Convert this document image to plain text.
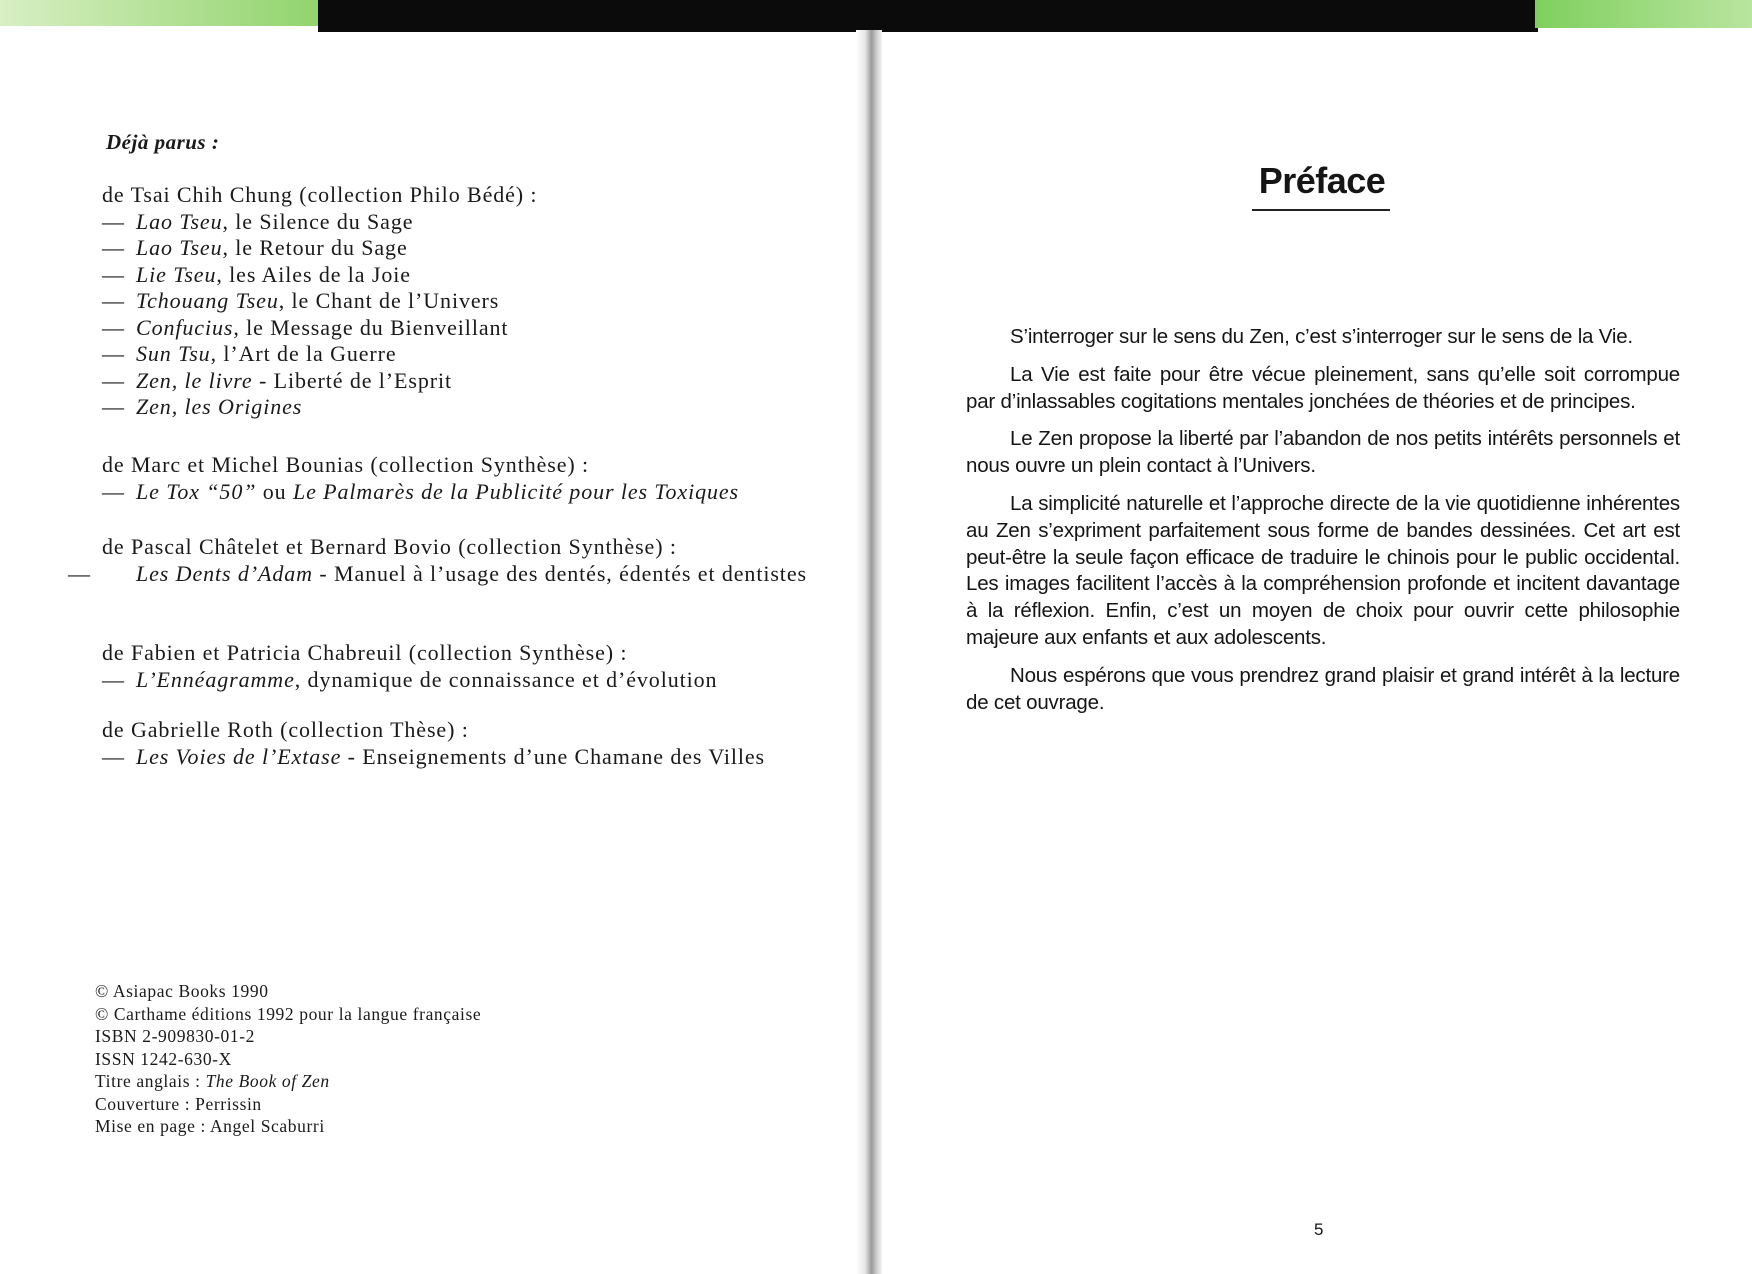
Déjà parus :
de Tsai Chih Chung (collection Philo Bédé) :
— Lao Tseu, le Silence du Sage
— Lao Tseu, le Retour du Sage
— Lie Tseu, les Ailes de la Joie
— Tchouang Tseu, le Chant de l’Univers
— Confucius, le Message du Bienveillant
— Sun Tsu, l’Art de la Guerre
— Zen, le livre - Liberté de l’Esprit
— Zen, les Origines
de Marc et Michel Bounias (collection Synthèse) :
— Le Tox “50” ou Le Palmarès de la Publicité pour les Toxiques
de Pascal Châtelet et Bernard Bovio (collection Synthèse) :
— Les Dents d’Adam - Manuel à l’usage des dentés, édentés et dentistes
de Fabien et Patricia Chabreuil (collection Synthèse) :
— L’Ennéagramme, dynamique de connaissance et d’évolution
de Gabrielle Roth (collection Thèse) :
— Les Voies de l’Extase - Enseignements d’une Chamane des Villes
© Asiapac Books 1990
© Carthame éditions 1992 pour la langue française
ISBN 2-909830-01-2
ISSN 1242-630-X
Titre anglais : The Book of Zen
Couverture : Perrissin
Mise en page : Angel Scaburri
Préface

S’interroger sur le sens du Zen, c’est s’interroger sur le sens de la Vie.

La Vie est faite pour être vécue pleinement, sans qu’elle soit corrompue par d’inlassables cogitations mentales jonchées de théories et de principes.

Le Zen propose la liberté par l’abandon de nos petits intérêts personnels et nous ouvre un plein contact à l’Univers.

La simplicité naturelle et l’approche directe de la vie quotidienne inhérentes au Zen s’expriment parfaitement sous forme de bandes dessinées. Cet art est peut-être la seule façon efficace de traduire le chinois pour le public occidental. Les images facilitent l’accès à la compréhension profonde et incitent davantage à la réflexion. Enfin, c’est un moyen de choix pour ouvrir cette philosophie majeure aux enfants et aux adolescents.

Nous espérons que vous prendrez grand plaisir et grand intérêt à la lecture de cet ouvrage.

5
